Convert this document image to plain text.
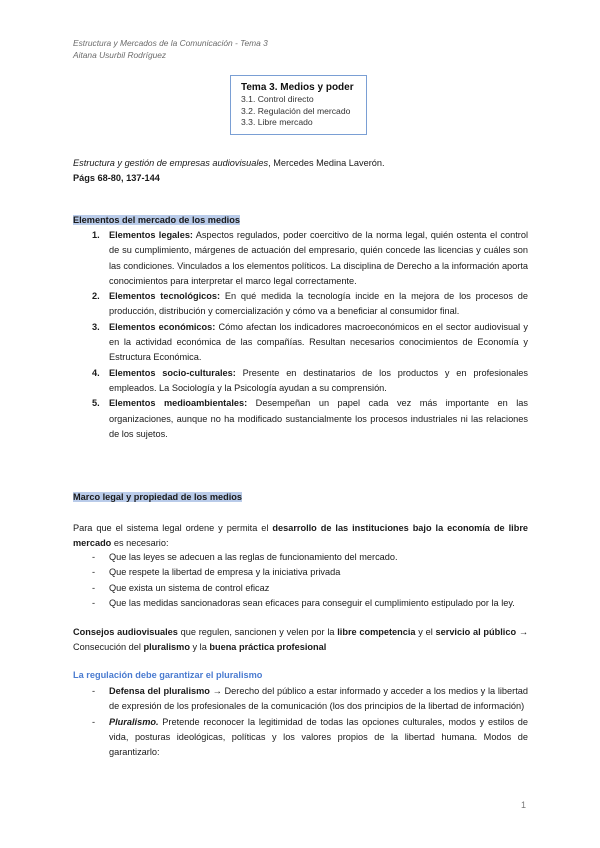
Estructura y Mercados de la Comunicación - Tema 3
Aitana Usurbil Rodríguez
Tema 3. Medios y poder
3.1. Control directo
3.2. Regulación del mercado
3.3. Libre mercado
Estructura y gestión de empresas audiovisuales, Mercedes Medina Laverón.
Págs 68-80, 137-144
Elementos del mercado de los medios
1. Elementos legales: Aspectos regulados, poder coercitivo de la norma legal, quién ostenta el control de su cumplimiento, márgenes de actuación del empresario, quién concede las licencias y cuáles son las condiciones. Vinculados a los elementos políticos. La disciplina de Derecho a la información aporta conocimientos para interpretar el marco legal correctamente.
2. Elementos tecnológicos: En qué medida la tecnología incide en la mejora de los procesos de producción, distribución y comercialización y cómo va a beneficiar al consumidor final.
3. Elementos económicos: Cómo afectan los indicadores macroeconómicos en el sector audiovisual y en la actividad económica de las compañías. Resultan necesarios conocimientos de Economía y Estructura Económica.
4. Elementos socio-culturales: Presente en destinatarios de los productos y en profesionales empleados. La Sociología y la Psicología ayudan a su comprensión.
5. Elementos medioambientales: Desempeñan un papel cada vez más importante en las organizaciones, aunque no ha modificado sustancialmente los procesos industriales ni las relaciones de los sujetos.
Marco legal y propiedad de los medios
Para que el sistema legal ordene y permita el desarrollo de las instituciones bajo la economía de libre mercado es necesario:
- Que las leyes se adecuen a las reglas de funcionamiento del mercado.
- Que respete la libertad de empresa y la iniciativa privada
- Que exista un sistema de control eficaz
- Que las medidas sancionadoras sean eficaces para conseguir el cumplimiento estipulado por la ley.
Consejos audiovisuales que regulen, sancionen y velen por la libre competencia y el servicio al público → Consecución del pluralismo y la buena práctica profesional
La regulación debe garantizar el pluralismo
- Defensa del pluralismo → Derecho del público a estar informado y acceder a los medios y la libertad de expresión de los profesionales de la comunicación (los dos principios de la libertad de información)
- Pluralismo. Pretende reconocer la legitimidad de todas las opciones culturales, modos y estilos de vida, posturas ideológicas, políticas y los valores propios de la libertad humana. Modos de garantizarlo:
1
